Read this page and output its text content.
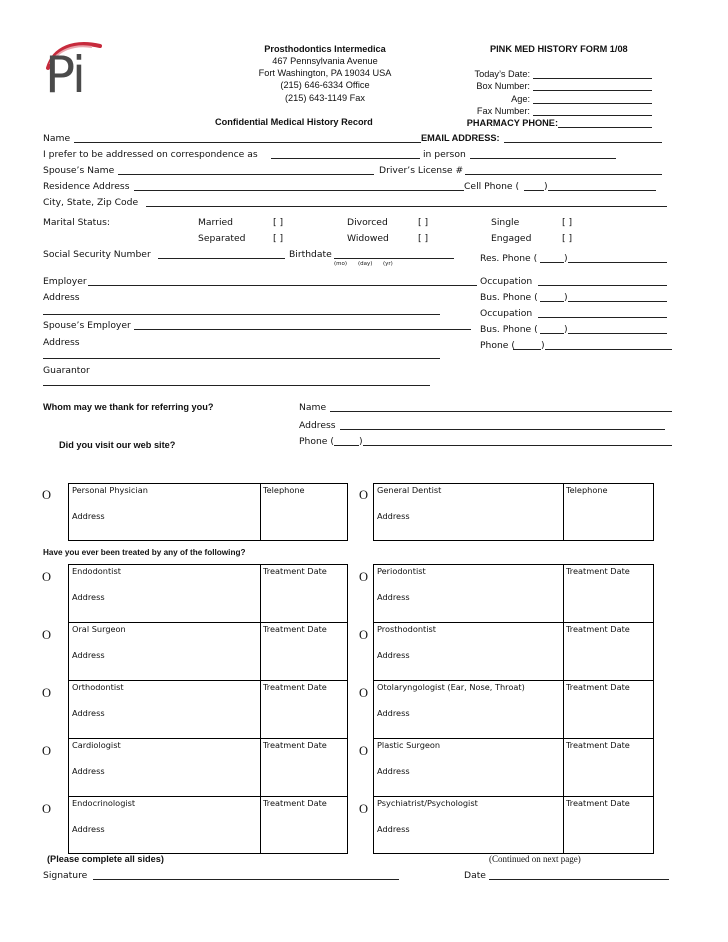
Pi	Prosthodontics Intermedica
467 Pennsylvania Avenue
Fort Washington, PA 19034 USA
(215) 646-6334 Office
(215) 643-1149 Fax
Confidential Medical History Record
PINK MED HISTORY FORM 1/08
Today’s Date:
Box Number:
Age:
Fax Number:
PHARMACY PHONE:
Name	EMAIL ADDRESS:
I prefer to be addressed on correspondence as	in person
Spouse’s Name	Driver’s License #
Residence Address	Cell Phone (	)
City, State, Zip Code
Marital Status:	Married	[ ]	Divorced	[ ]	Single	[ ]
Separated	[ ]	Widowed	[ ]	Engaged	[ ]
Social Security Number	Birthdate
(mo) (day) (yr)	Res. Phone (	)
Employer	Occupation
Address	Bus. Phone (	)
Occupation
Spouse’s Employer	Bus. Phone (	)
Address	Phone (	)
Guarantor
Whom may we thank for referring you?	Name
Address
Phone (	)
Did you visit our web site?
O	Personal Physician	Telephone
Address
O General Dentist	Telephone
Address
Have you ever been treated by any of the following?
O	Endodontist	Treatment Date
Address
O Periodontist	Treatment Date
Address
O	Oral Surgeon	Treatment Date
Address
O Prosthodontist	Treatment Date
Address
O	Orthodontist	Treatment Date
Address
O Otolaryngologist (Ear, Nose, Throat)	Treatment Date
Address
O	Cardiologist	Treatment Date
Address
O Plastic Surgeon	Treatment Date
Address
O	Endocrinologist	Treatment Date
Address
O Psychiatrist/Psychologist	Treatment Date
Address
(Please complete all sides)	(Continued on next page)
Signature	Date
